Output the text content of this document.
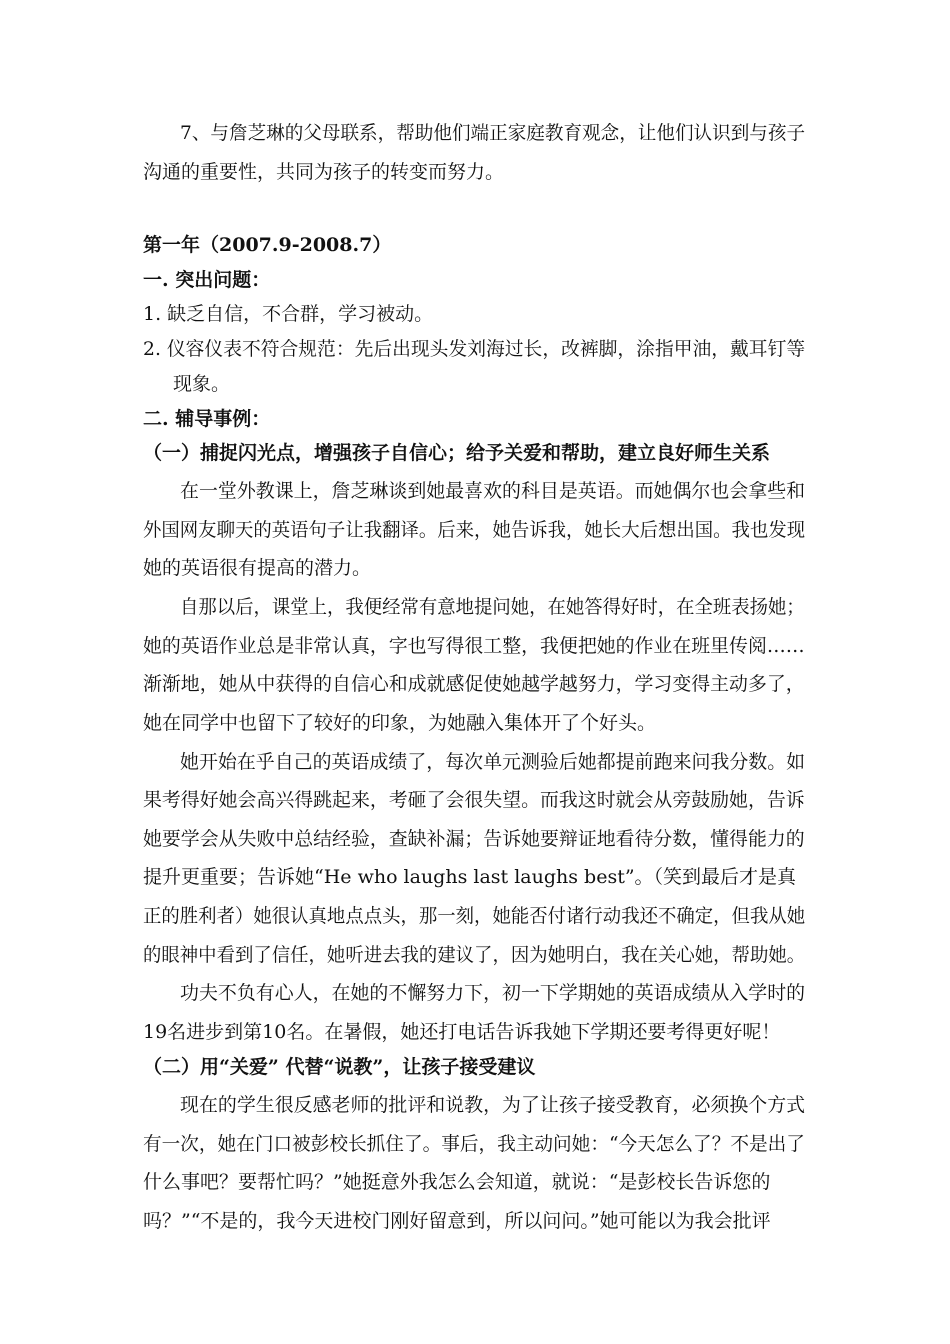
7、与詹芝琳的父母联系，帮助他们端正家庭教育观念，让他们认识到与孩子
沟通的重要性，共同为孩子的转变而努力。
第一年（2007.9-2008.7）
一. 突出问题：
1. 缺乏自信，不合群，学习被动。
2. 仪容仪表不符合规范：先后出现头发刘海过长，改裤脚，涂指甲油，戴耳钉等
现象。
二. 辅导事例：
（一）捕捉闪光点，增强孩子自信心；给予关爱和帮助，建立良好师生关系
在一堂外教课上，詹芝琳谈到她最喜欢的科目是英语。而她偶尔也会拿些和
外国网友聊天的英语句子让我翻译。后来，她告诉我，她长大后想出国。我也发现
她的英语很有提高的潜力。
自那以后，课堂上，我便经常有意地提问她，在她答得好时，在全班表扬她；
她的英语作业总是非常认真，字也写得很工整，我便把她的作业在班里传阅……
渐渐地，她从中获得的自信心和成就感促使她越学越努力，学习变得主动多了，
她在同学中也留下了较好的印象，为她融入集体开了个好头。
她开始在乎自己的英语成绩了，每次单元测验后她都提前跑来问我分数。如
果考得好她会高兴得跳起来，考砸了会很失望。而我这时就会从旁鼓励她，告诉
她要学会从失败中总结经验，查缺补漏；告诉她要辩证地看待分数，懂得能力的
提升更重要；告诉她“He who laughs last laughs best”。（笑到最后才是真
正的胜利者）她很认真地点点头，那一刻，她能否付诸行动我还不确定，但我从她
的眼神中看到了信任，她听进去我的建议了，因为她明白，我在关心她，帮助她。
功夫不负有心人，在她的不懈努力下，初一下学期她的英语成绩从入学时的
19名进步到第10名。在暑假，她还打电话告诉我她下学期还要考得更好呢！
（二）用“关爱” 代替“说教”，让孩子接受建议
现在的学生很反感老师的批评和说教，为了让孩子接受教育，必须换个方式
有一次，她在门口被彭校长抓住了。事后，我主动问她：“今天怎么了？不是出了
什么事吧？要帮忙吗？”她挺意外我怎么会知道，就说：“是彭校长告诉您的
吗？”“不是的，我今天进校门刚好留意到，所以问问。”她可能以为我会批评
